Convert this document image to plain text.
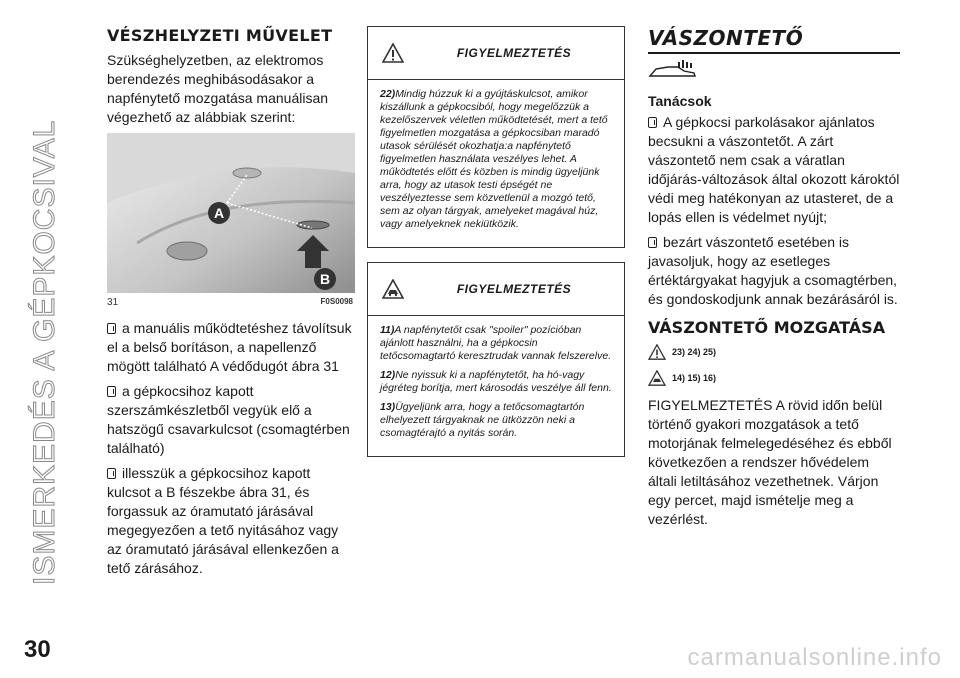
ISMERKEDÉS A GÉPKOCSIVAL
VÉSZHELYZETI MŰVELET

Szükséghelyzetben, az elektromos berendezés meghibásodásakor a napfénytető mozgatása manuálisan végezhető az alábbiak szerint:

A
B
31	F0S0098

a manuális működtetéshez távolítsuk el a belső borításon, a napellenző mögött található A védődugót ábra 31

a gépkocsihoz kapott szerszámkészletből vegyük elő a hatszögű csavarkulcsot (csomagtérben található)

illesszük a gépkocsihoz kapott kulcsot a B fészekbe ábra 31, és forgassuk az óramutató járásával megegyezően a tető nyitásához vagy az óramutató járásával ellenkezően a tető zárásához.

FIGYELMEZTETÉS

22)Mindig húzzuk ki a gyújtáskulcsot, amikor kiszállunk a gépkocsiból, hogy megelőzzük a kezelőszervek véletlen működtetését, mert a tető figyelmetlen mozgatása a gépkocsiban maradó utasok sérülését okozhatja:a napfénytető figyelmetlen használata veszélyes lehet. A működtetés előtt és közben is mindig ügyeljünk arra, hogy az utasok testi épségét ne veszélyeztesse sem közvetlenül a mozgó tető, sem az olyan tárgyak, amelyeket magával húz, vagy amelyeknek nekiütközik.

FIGYELMEZTETÉS

11)A napfénytetőt csak "spoiler" pozícióban ajánlott használni, ha a gépkocsin tetőcsomagtartó keresztrudak vannak felszerelve.

12)Ne nyissuk ki a napfénytetőt, ha hó-vagy jégréteg borítja, mert károsodás veszélye áll fenn.

13)Ügyeljünk arra, hogy a tetőcsomagtartón elhelyezett tárgyaknak ne ütközzön neki a csomagtérajtó a nyitás során.

VÁSZONTETŐ
Tanácsok

A gépkocsi parkolásakor ajánlatos becsukni a vászontetőt. A zárt vászontető nem csak a váratlan időjárás-változások által okozott károktól védi meg hatékonyan az utasteret, de a lopás ellen is védelmet nyújt;

bezárt vászontető esetében is javasoljuk, hogy az esetleges értéktárgyakat hagyjuk a csomagtérben, és gondoskodjunk annak bezárásáról is.

VÁSZONTETŐ MOZGATÁSA
23) 24) 25)
14) 15) 16)

FIGYELMEZTETÉS A rövid időn belül történő gyakori mozgatások a tető motorjának felmelegedéséhez és ebből következően a rendszer hővédelem általi letiltásához vezethetnek. Várjon egy percet, majd ismételje meg a vezérlést.

30	carmanualsonline.info
